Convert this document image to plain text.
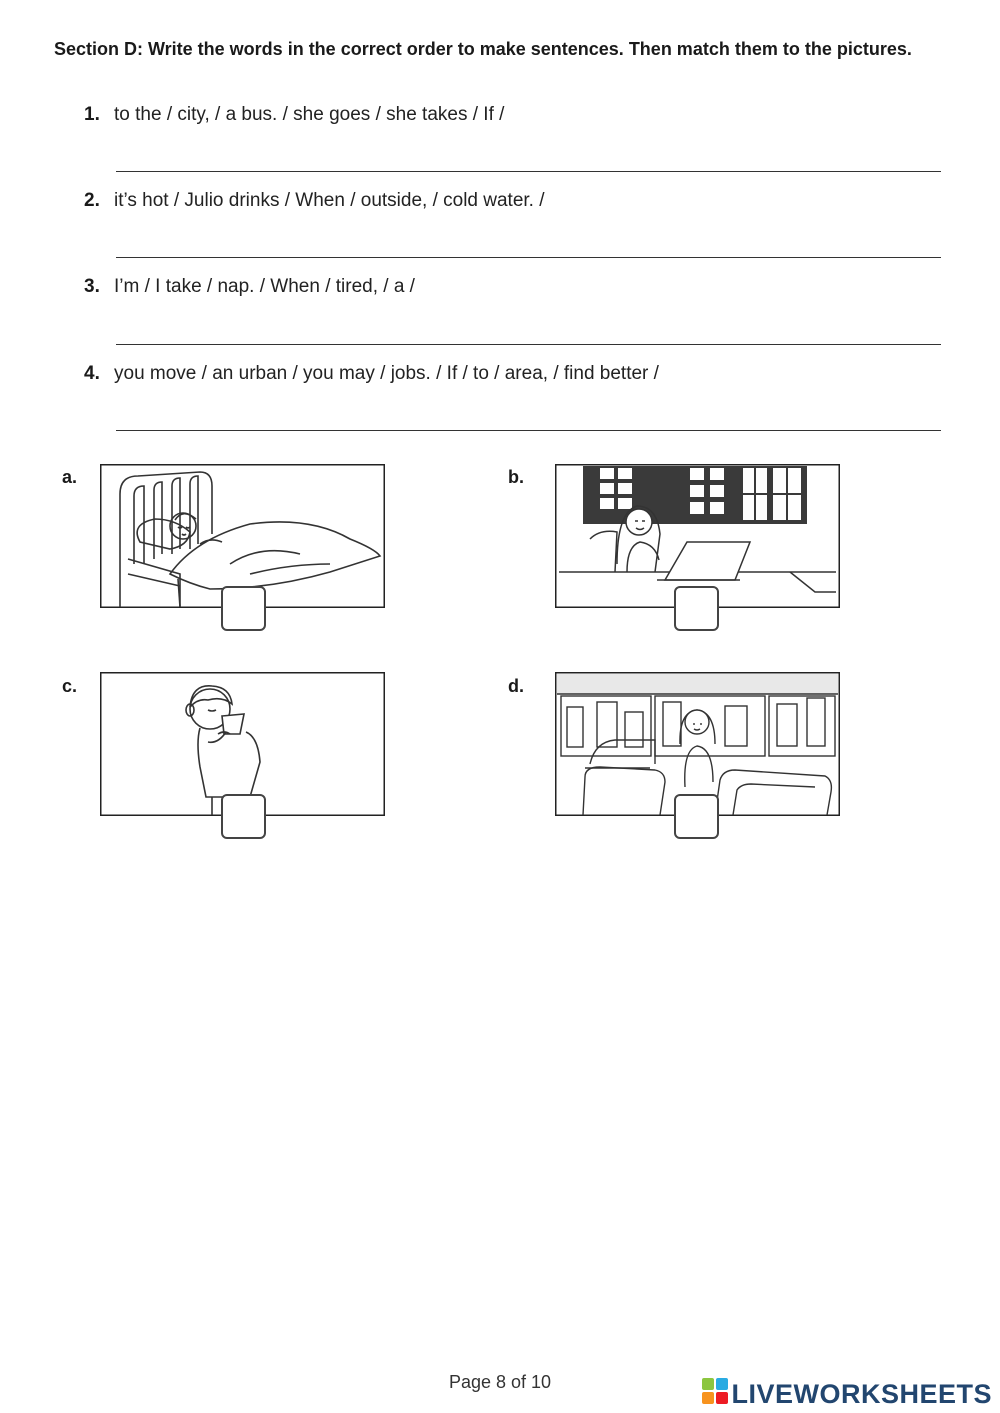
Section D: Write the words in the correct order to make sentences. Then match them to the pictures.
1. to the / city, / a bus. / she goes / she takes / If /
2. it’s hot / Julio drinks / When / outside, / cold water. /
3. I’m / I take / nap. / When / tired, / a /
4. you move / an urban / you may / jobs. / If / to / area, / find better /
a.	b.
c.	d.
Page 8 of 10	LIVEWORKSHEETS
